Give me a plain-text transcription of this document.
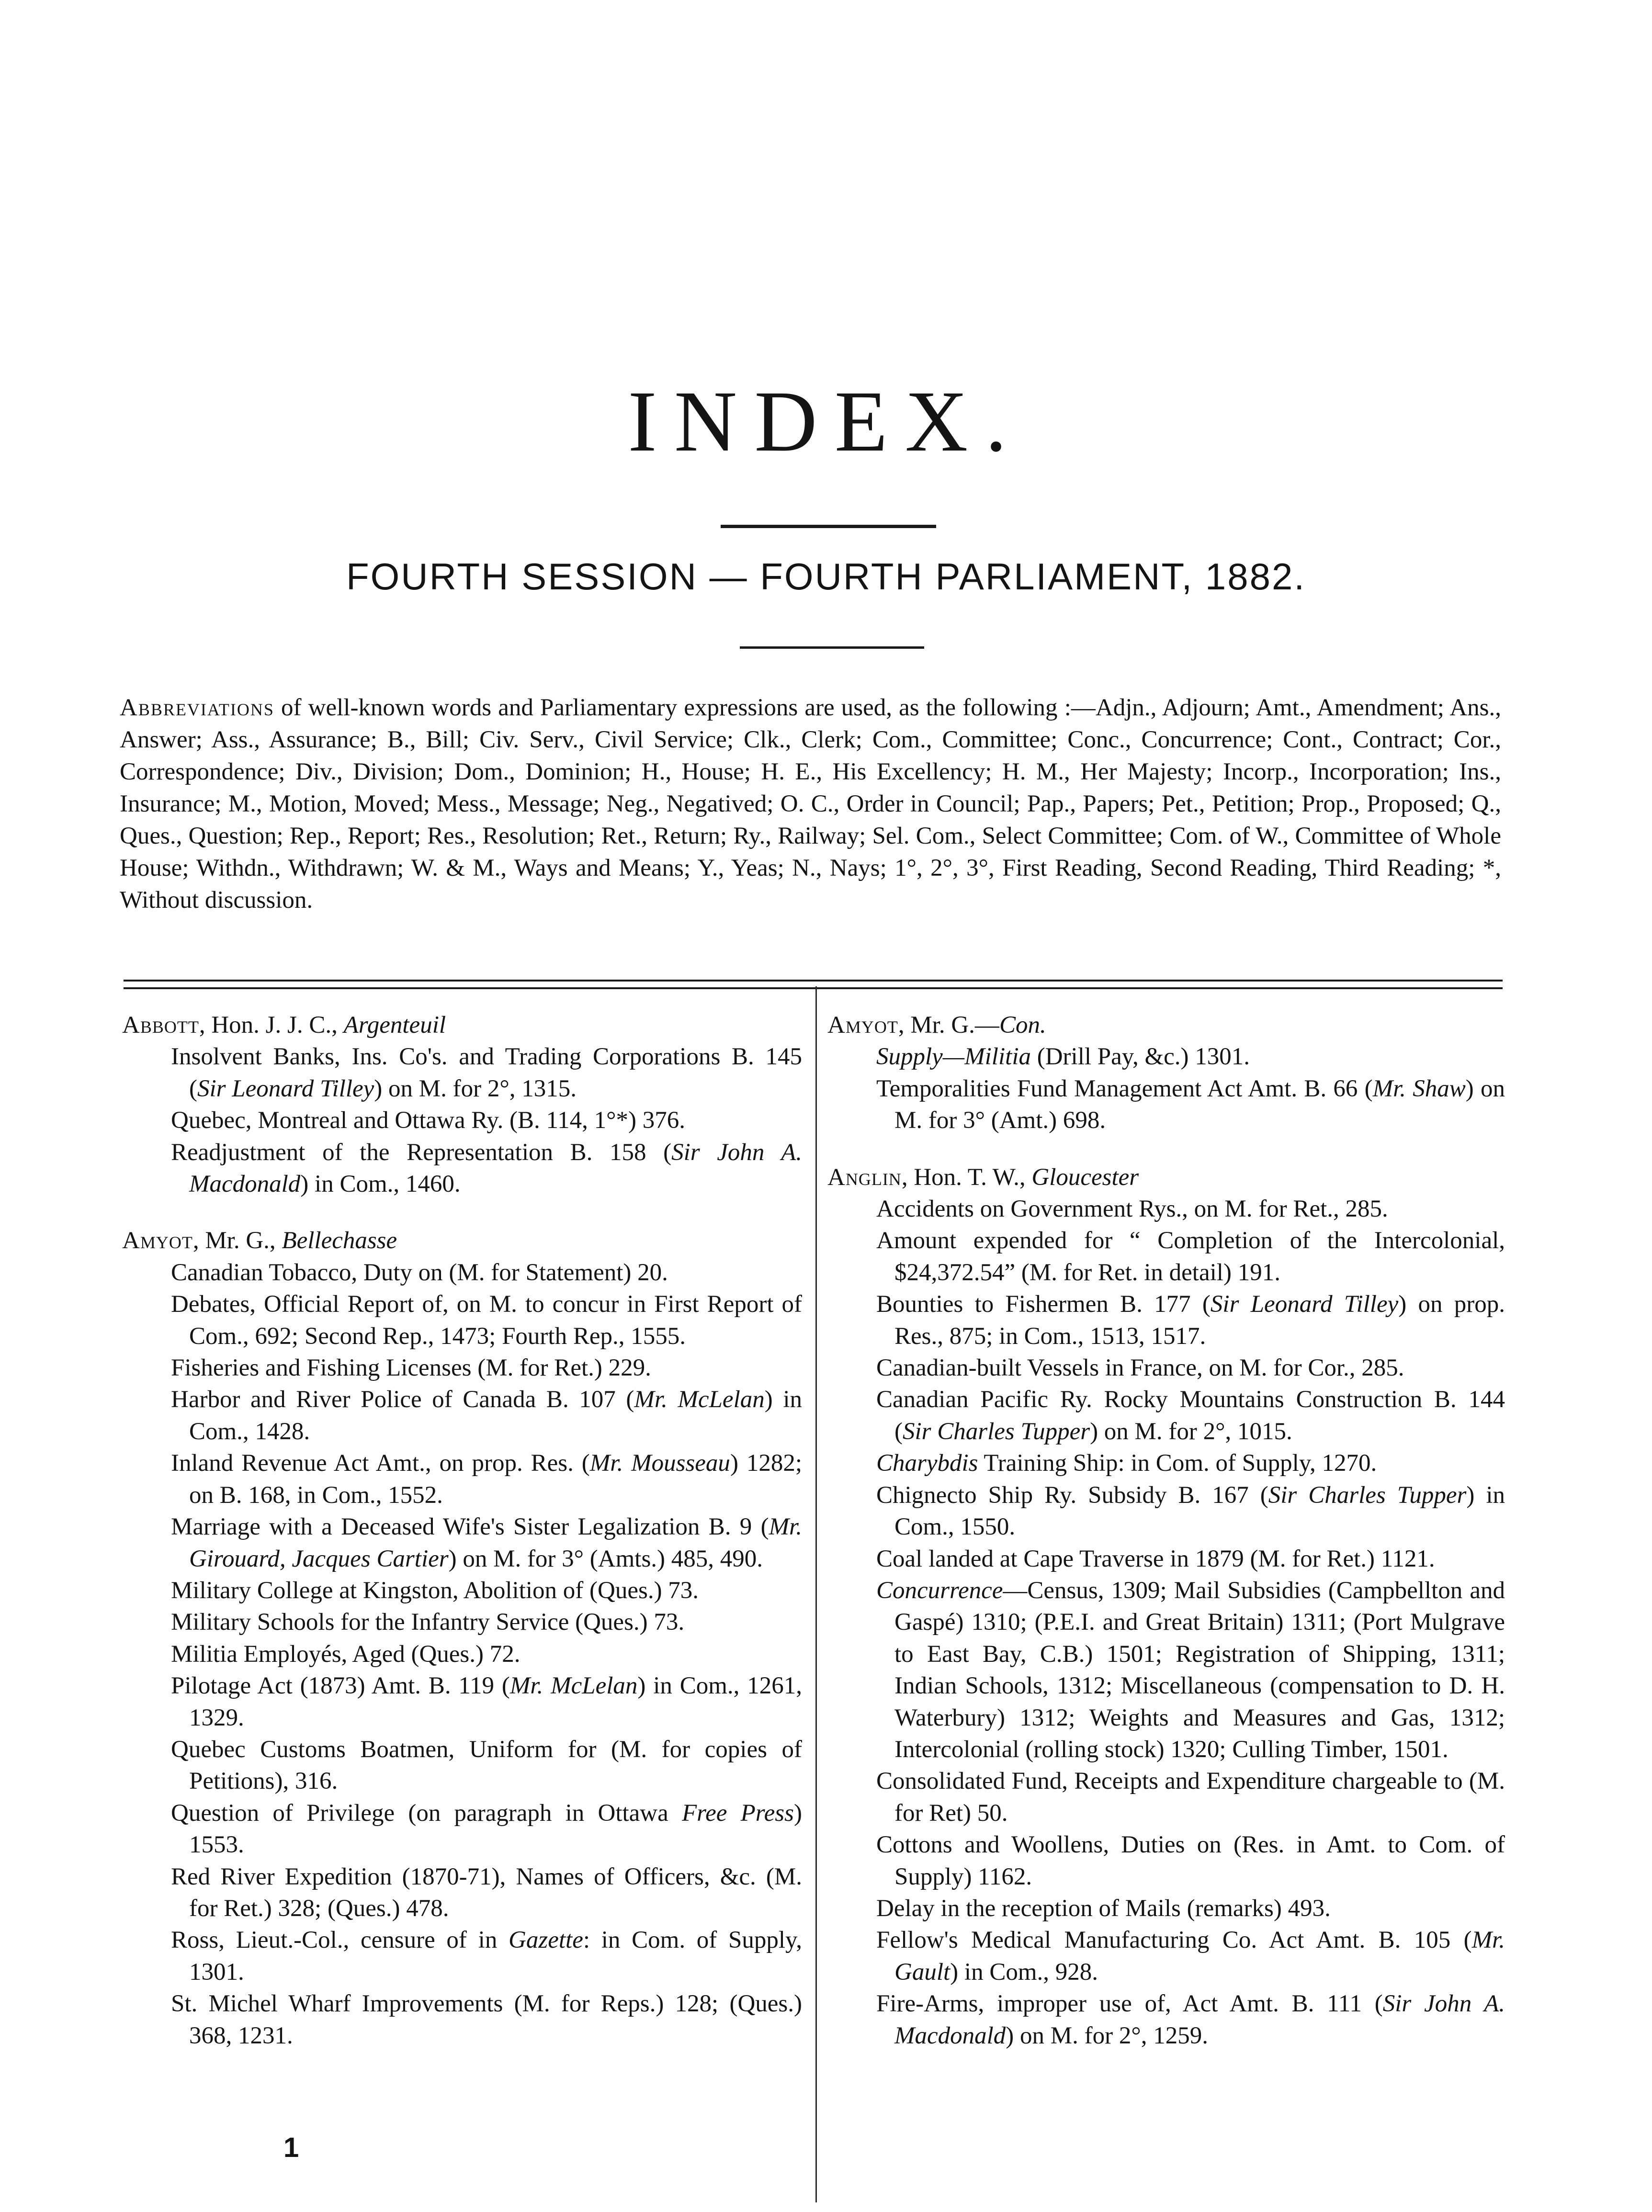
INDEX.
FOURTH SESSION — FOURTH PARLIAMENT, 1882.
Abbreviations of well-known words and Parliamentary expressions are used, as the following :—Adjn., Adjourn; Amt., Amendment; Ans., Answer; Ass., Assurance; B., Bill; Civ. Serv., Civil Service; Clk., Clerk; Com., Committee; Conc., Concurrence; Cont., Contract; Cor., Correspondence; Div., Division; Dom., Dominion; H., House; H. E., His Excellency; H. M., Her Majesty; Incorp., Incorporation; Ins., Insurance; M., Motion, Moved; Mess., Message; Neg., Negatived; O. C., Order in Council; Pap., Papers; Pet., Petition; Prop., Proposed; Q., Ques., Question; Rep., Report; Res., Resolution; Ret., Return; Ry., Railway; Sel. Com., Select Committee; Com. of W., Committee of Whole House; Withdn., Withdrawn; W. & M., Ways and Means; Y., Yeas; N., Nays; 1°, 2°, 3°, First Reading, Second Reading, Third Reading; *, Without discussion.
Abbott, Hon. J. J. C., Argenteuil
Insolvent Banks, Ins. Co's. and Trading Corporations B. 145 (Sir Leonard Tilley) on M. for 2°, 1315.
Quebec, Montreal and Ottawa Ry. (B. 114, 1°*) 376.
Readjustment of the Representation B. 158 (Sir John A. Macdonald) in Com., 1460.
Amyot, Mr. G., Bellechasse
Canadian Tobacco, Duty on (M. for Statement) 20.
Debates, Official Report of, on M. to concur in First Report of Com., 692; Second Rep., 1473; Fourth Rep., 1555.
Fisheries and Fishing Licenses (M. for Ret.) 229.
Harbor and River Police of Canada B. 107 (Mr. McLelan) in Com., 1428.
Inland Revenue Act Amt., on prop. Res. (Mr. Mousseau) 1282; on B. 168, in Com., 1552.
Marriage with a Deceased Wife's Sister Legalization B. 9 (Mr. Girouard, Jacques Cartier) on M. for 3° (Amts.) 485, 490.
Military College at Kingston, Abolition of (Ques.) 73.
Military Schools for the Infantry Service (Ques.) 73.
Militia Employés, Aged (Ques.) 72.
Pilotage Act (1873) Amt. B. 119 (Mr. McLelan) in Com., 1261, 1329.
Quebec Customs Boatmen, Uniform for (M. for copies of Petitions), 316.
Question of Privilege (on paragraph in Ottawa Free Press) 1553.
Red River Expedition (1870-71), Names of Officers, &c. (M. for Ret.) 328; (Ques.) 478.
Ross, Lieut.-Col., censure of in Gazette: in Com. of Supply, 1301.
St. Michel Wharf Improvements (M. for Reps.) 128; (Ques.) 368, 1231.
1
Amyot, Mr. G.—Con.
Supply—Militia (Drill Pay, &c.) 1301.
Temporalities Fund Management Act Amt. B. 66 (Mr. Shaw) on M. for 3° (Amt.) 698.
Anglin, Hon. T. W., Gloucester
Accidents on Government Rys., on M. for Ret., 285.
Amount expended for “ Completion of the Intercolonial, $24,372.54” (M. for Ret. in detail) 191.
Bounties to Fishermen B. 177 (Sir Leonard Tilley) on prop. Res., 875; in Com., 1513, 1517.
Canadian-built Vessels in France, on M. for Cor., 285.
Canadian Pacific Ry. Rocky Mountains Construction B. 144 (Sir Charles Tupper) on M. for 2°, 1015.
Charybdis Training Ship: in Com. of Supply, 1270.
Chignecto Ship Ry. Subsidy B. 167 (Sir Charles Tupper) in Com., 1550.
Coal landed at Cape Traverse in 1879 (M. for Ret.) 1121.
Concurrence—Census, 1309; Mail Subsidies (Campbellton and Gaspé) 1310; (P.E.I. and Great Britain) 1311; (Port Mulgrave to East Bay, C.B.) 1501; Registration of Shipping, 1311; Indian Schools, 1312; Miscellaneous (compensation to D. H. Waterbury) 1312; Weights and Measures and Gas, 1312; Intercolonial (rolling stock) 1320; Culling Timber, 1501.
Consolidated Fund, Receipts and Expenditure chargeable to (M. for Ret) 50.
Cottons and Woollens, Duties on (Res. in Amt. to Com. of Supply) 1162.
Delay in the reception of Mails (remarks) 493.
Fellow's Medical Manufacturing Co. Act Amt. B. 105 (Mr. Gault) in Com., 928.
Fire-Arms, improper use of, Act Amt. B. 111 (Sir John A. Macdonald) on M. for 2°, 1259.
